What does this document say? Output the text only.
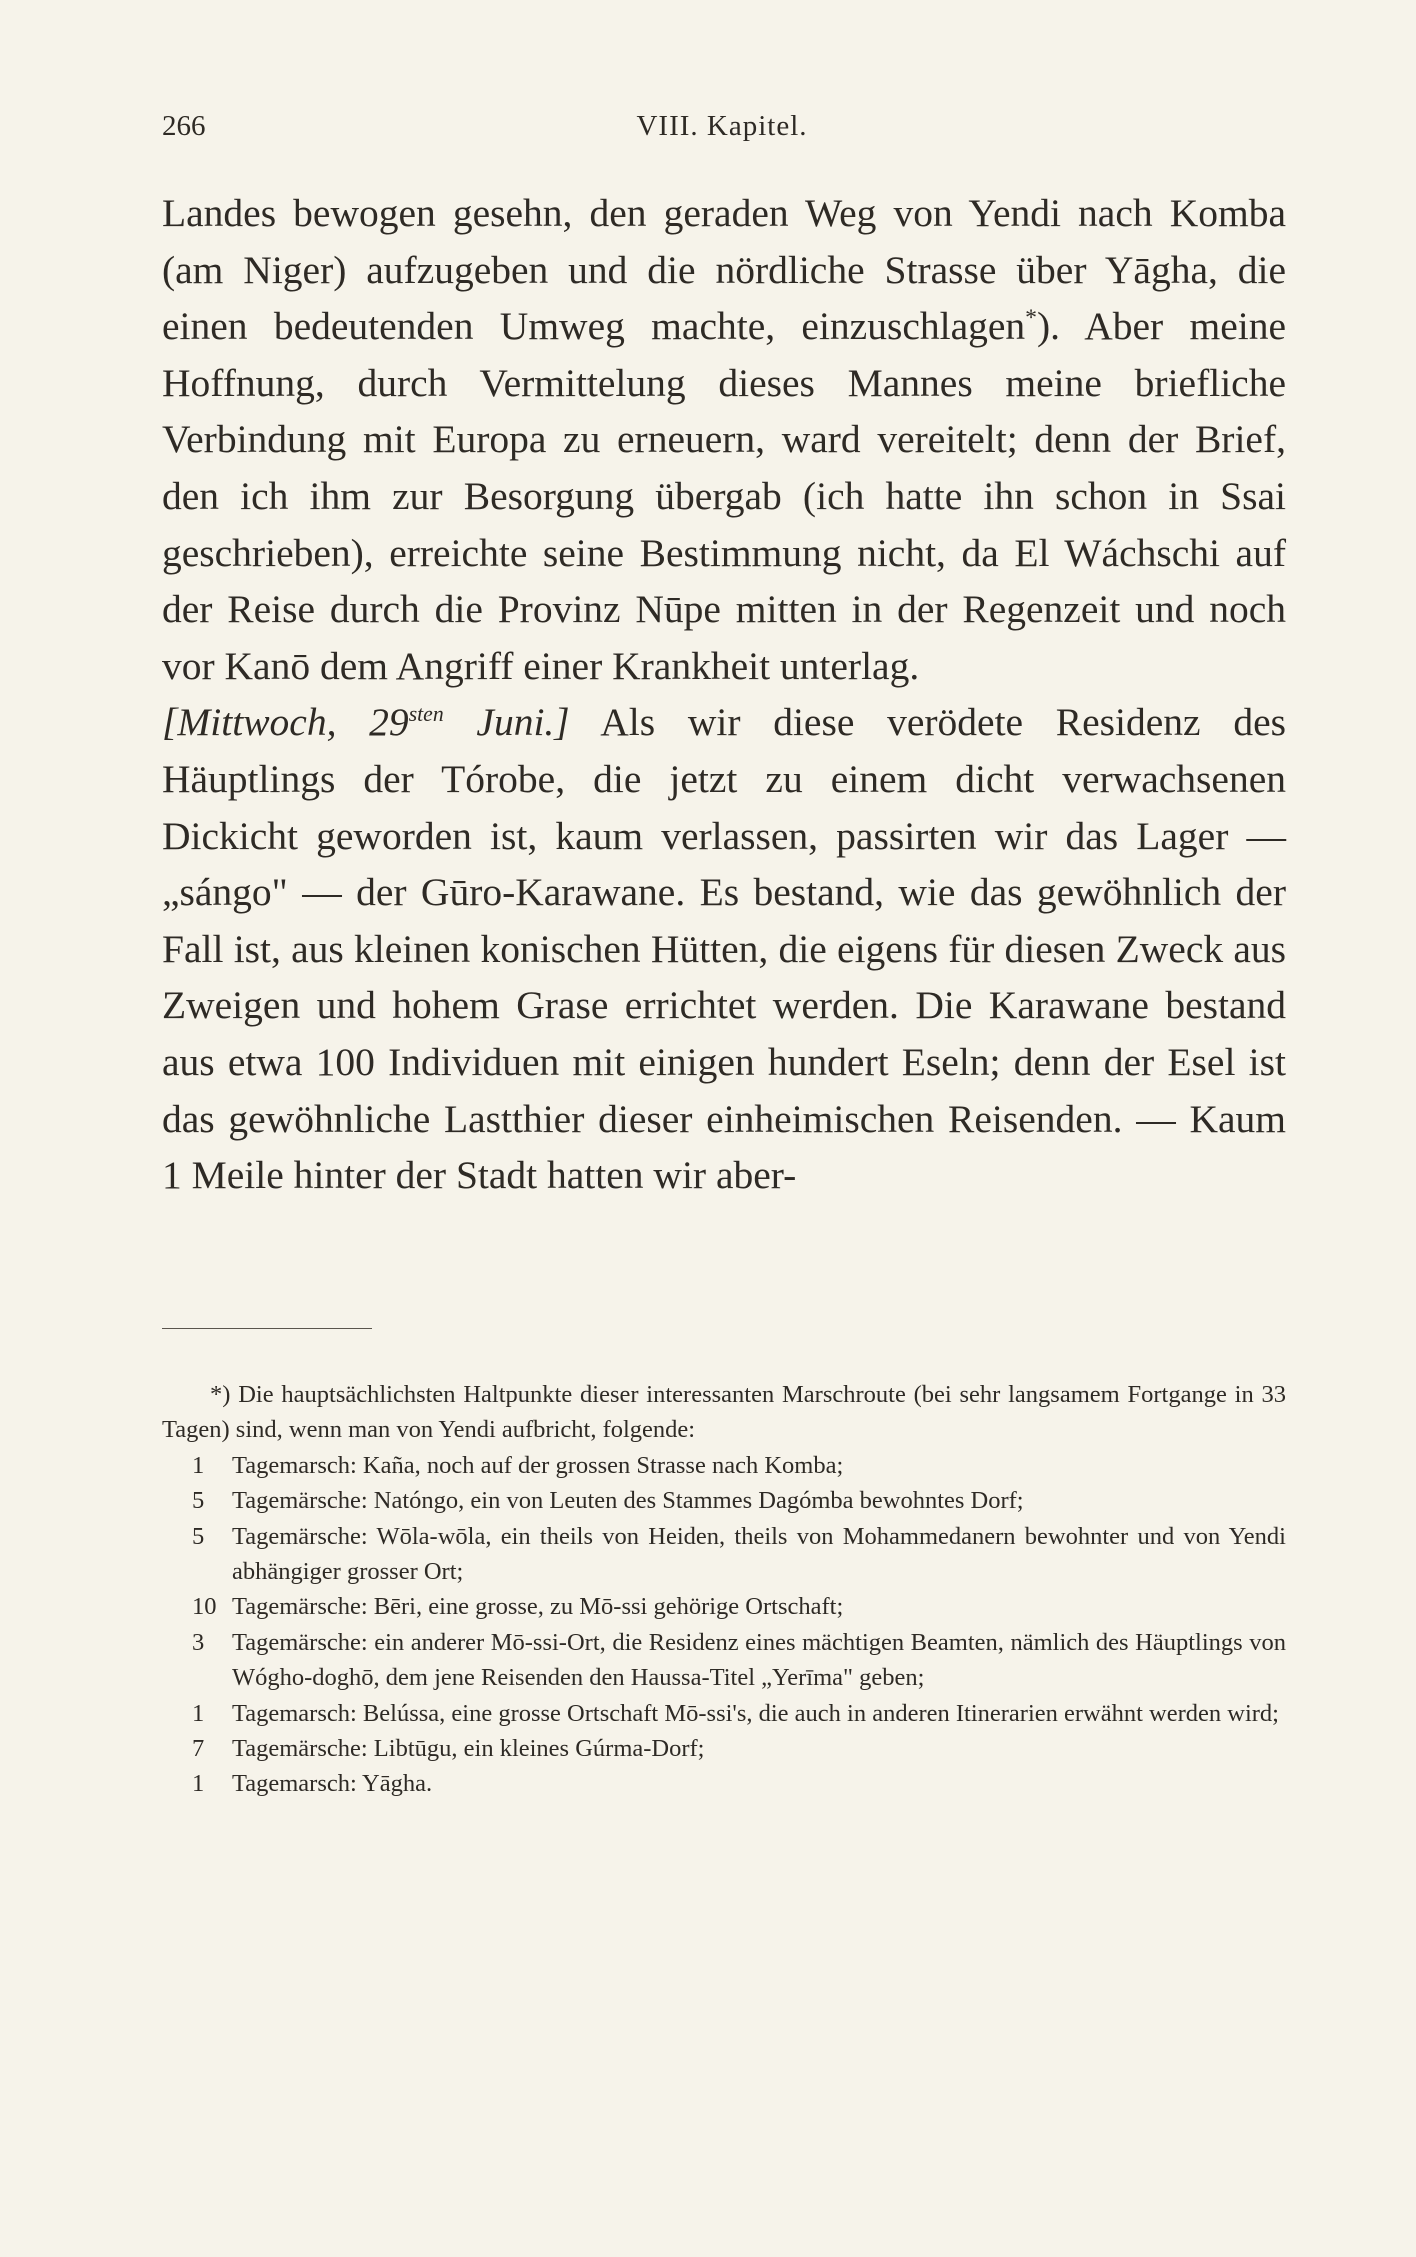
266	VIII. Kapitel.

Landes bewogen gesehn, den geraden Weg von Yendi nach Komba (am Niger) aufzugeben und die nördliche Strasse über Yāgha, die einen bedeutenden Umweg machte, einzuschlagen*). Aber meine Hoffnung, durch Vermittelung dieses Mannes meine briefliche Verbindung mit Europa zu erneuern, ward vereitelt; denn der Brief, den ich ihm zur Besorgung übergab (ich hatte ihn schon in Ssai geschrieben), erreichte seine Bestimmung nicht, da El Wáchschi auf der Reise durch die Provinz Nūpe mitten in der Regenzeit und noch vor Kanō dem Angriff einer Krankheit unterlag.

[Mittwoch, $29^{sten}$ Juni.] Als wir diese verödete Residenz des Häuptlings der Tórobe, die jetzt zu einem dicht verwachsenen Dickicht geworden ist, kaum verlassen, passirten wir das Lager — „sángo" — der Gūro-Karawane. Es bestand, wie das gewöhnlich der Fall ist, aus kleinen konischen Hütten, die eigens für diesen Zweck aus Zweigen und hohem Grase errichtet werden. Die Karawane bestand aus etwa 100 Individuen mit einigen hundert Eseln; denn der Esel ist das gewöhnliche Lastthier dieser einheimischen Reisenden. — Kaum 1 Meile hinter der Stadt hatten wir aber-

*) Die hauptsächlichsten Haltpunkte dieser interessanten Marschroute (bei sehr langsamem Fortgange in 33 Tagen) sind, wenn man von Yendi aufbricht, folgende:

1 Tagemarsch: Kaña, noch auf der grossen Strasse nach Komba;

5 Tagemärsche: Natóngo, ein von Leuten des Stammes Dagómba bewohntes Dorf;

5 Tagemärsche: Wōla-wōla, ein theils von Heiden, theils von Mohammedanern bewohnter und von Yendi abhängiger grosser Ort;

10 Tagemärsche: Bēri, eine grosse, zu Mō-ssi gehörige Ortschaft;

3 Tagemärsche: ein anderer Mō-ssi-Ort, die Residenz eines mächtigen Beamten, nämlich des Häuptlings von Wógho-doghō, dem jene Reisenden den Haussa-Titel „Yerīma" geben;

1 Tagemarsch: Belússa, eine grosse Ortschaft Mō-ssi's, die auch in anderen Itinerarien erwähnt werden wird;

7 Tagemärsche: Libtūgu, ein kleines Gúrma-Dorf;

1 Tagemarsch: Yāgha.
